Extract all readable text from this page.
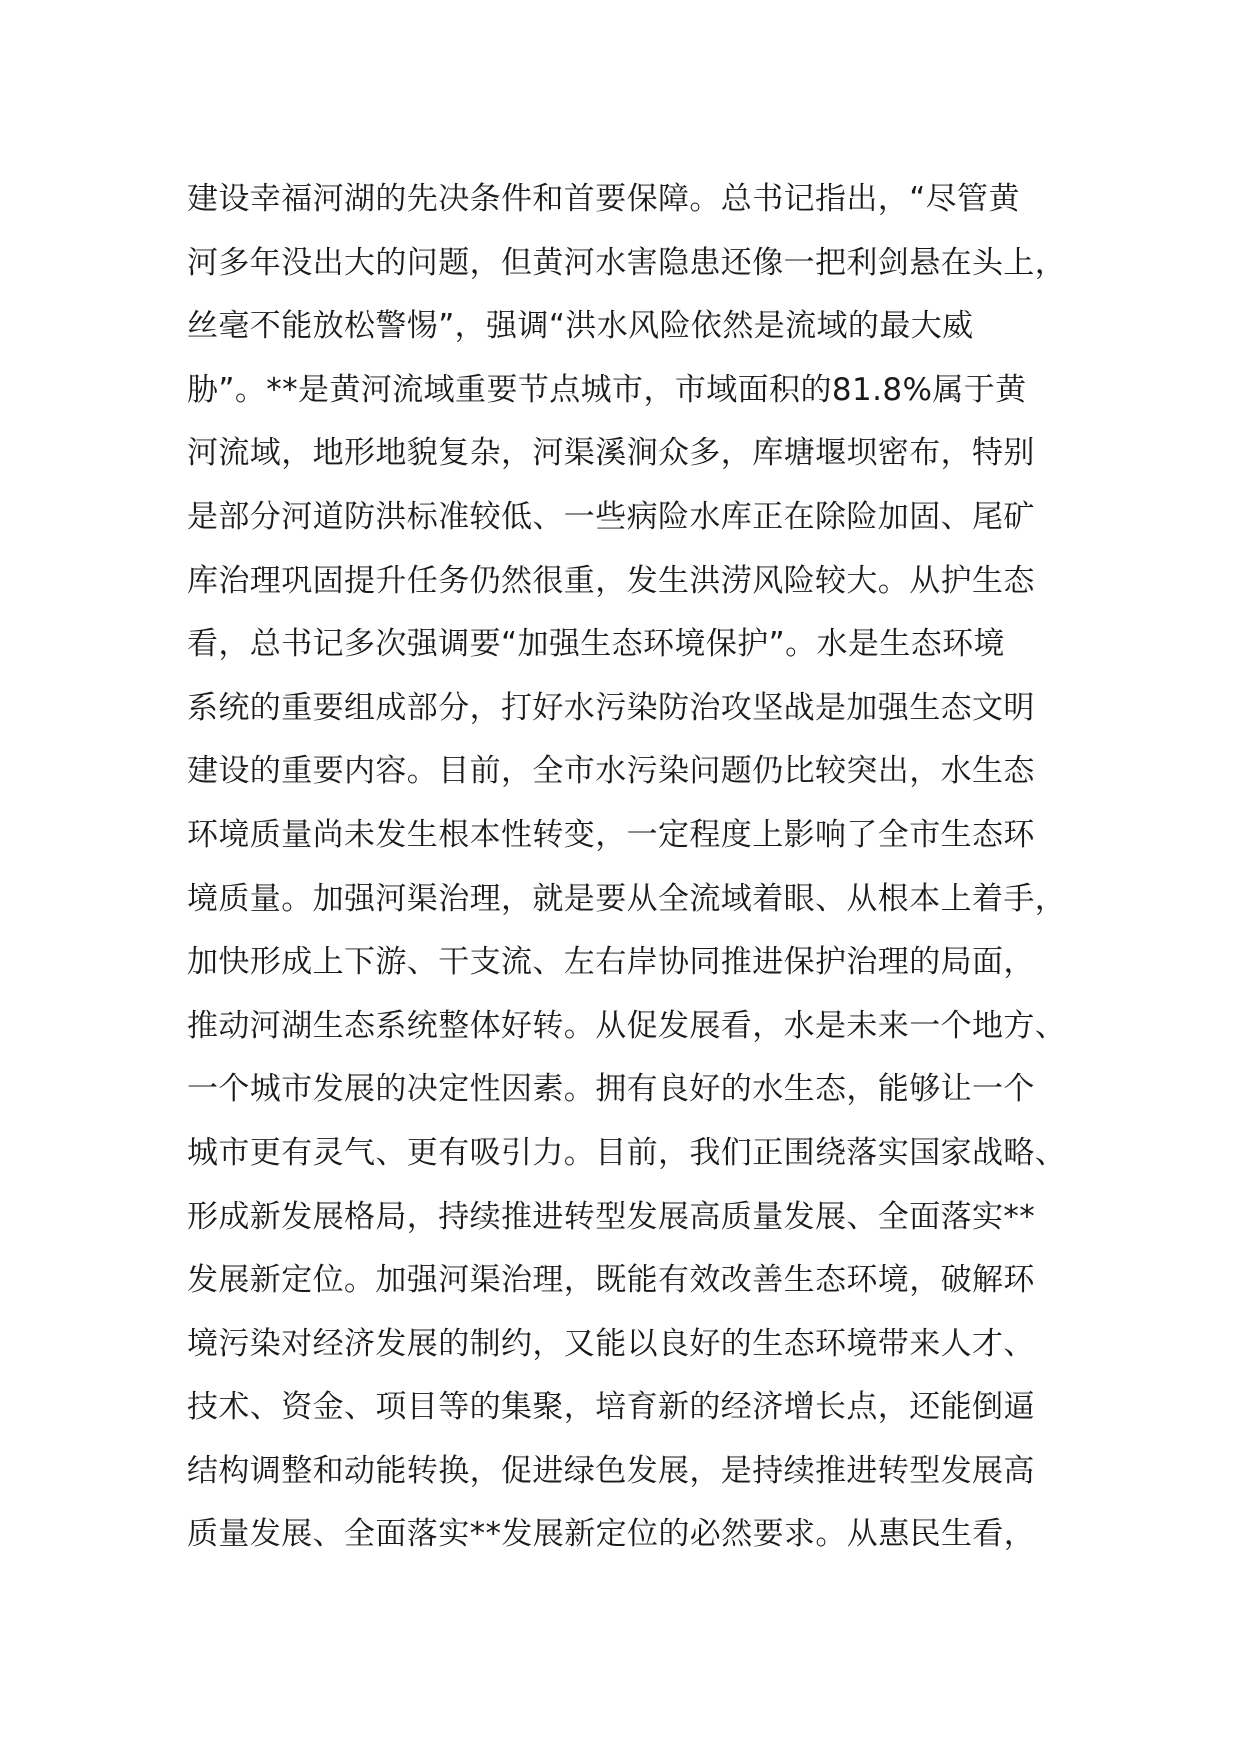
建设幸福河湖的先决条件和首要保障。总书记指出，“尽管黄
河多年没出大的问题，但黄河水害隐患还像一把利剑悬在头上，
丝毫不能放松警惕”，强调“洪水风险依然是流域的最大威
胁”。**是黄河流域重要节点城市，市域面积的81.8%属于黄
河流域，地形地貌复杂，河渠溪涧众多，库塘堰坝密布，特别
是部分河道防洪标准较低、一些病险水库正在除险加固、尾矿
库治理巩固提升任务仍然很重，发生洪涝风险较大。从护生态
看，总书记多次强调要“加强生态环境保护”。水是生态环境
系统的重要组成部分，打好水污染防治攻坚战是加强生态文明
建设的重要内容。目前，全市水污染问题仍比较突出，水生态
环境质量尚未发生根本性转变，一定程度上影响了全市生态环
境质量。加强河渠治理，就是要从全流域着眼、从根本上着手，
加快形成上下游、干支流、左右岸协同推进保护治理的局面，
推动河湖生态系统整体好转。从促发展看，水是未来一个地方、
一个城市发展的决定性因素。拥有良好的水生态，能够让一个
城市更有灵气、更有吸引力。目前，我们正围绕落实国家战略、
形成新发展格局，持续推进转型发展高质量发展、全面落实**
发展新定位。加强河渠治理，既能有效改善生态环境，破解环
境污染对经济发展的制约，又能以良好的生态环境带来人才、
技术、资金、项目等的集聚，培育新的经济增长点，还能倒逼
结构调整和动能转换，促进绿色发展，是持续推进转型发展高
质量发展、全面落实**发展新定位的必然要求。从惠民生看，
